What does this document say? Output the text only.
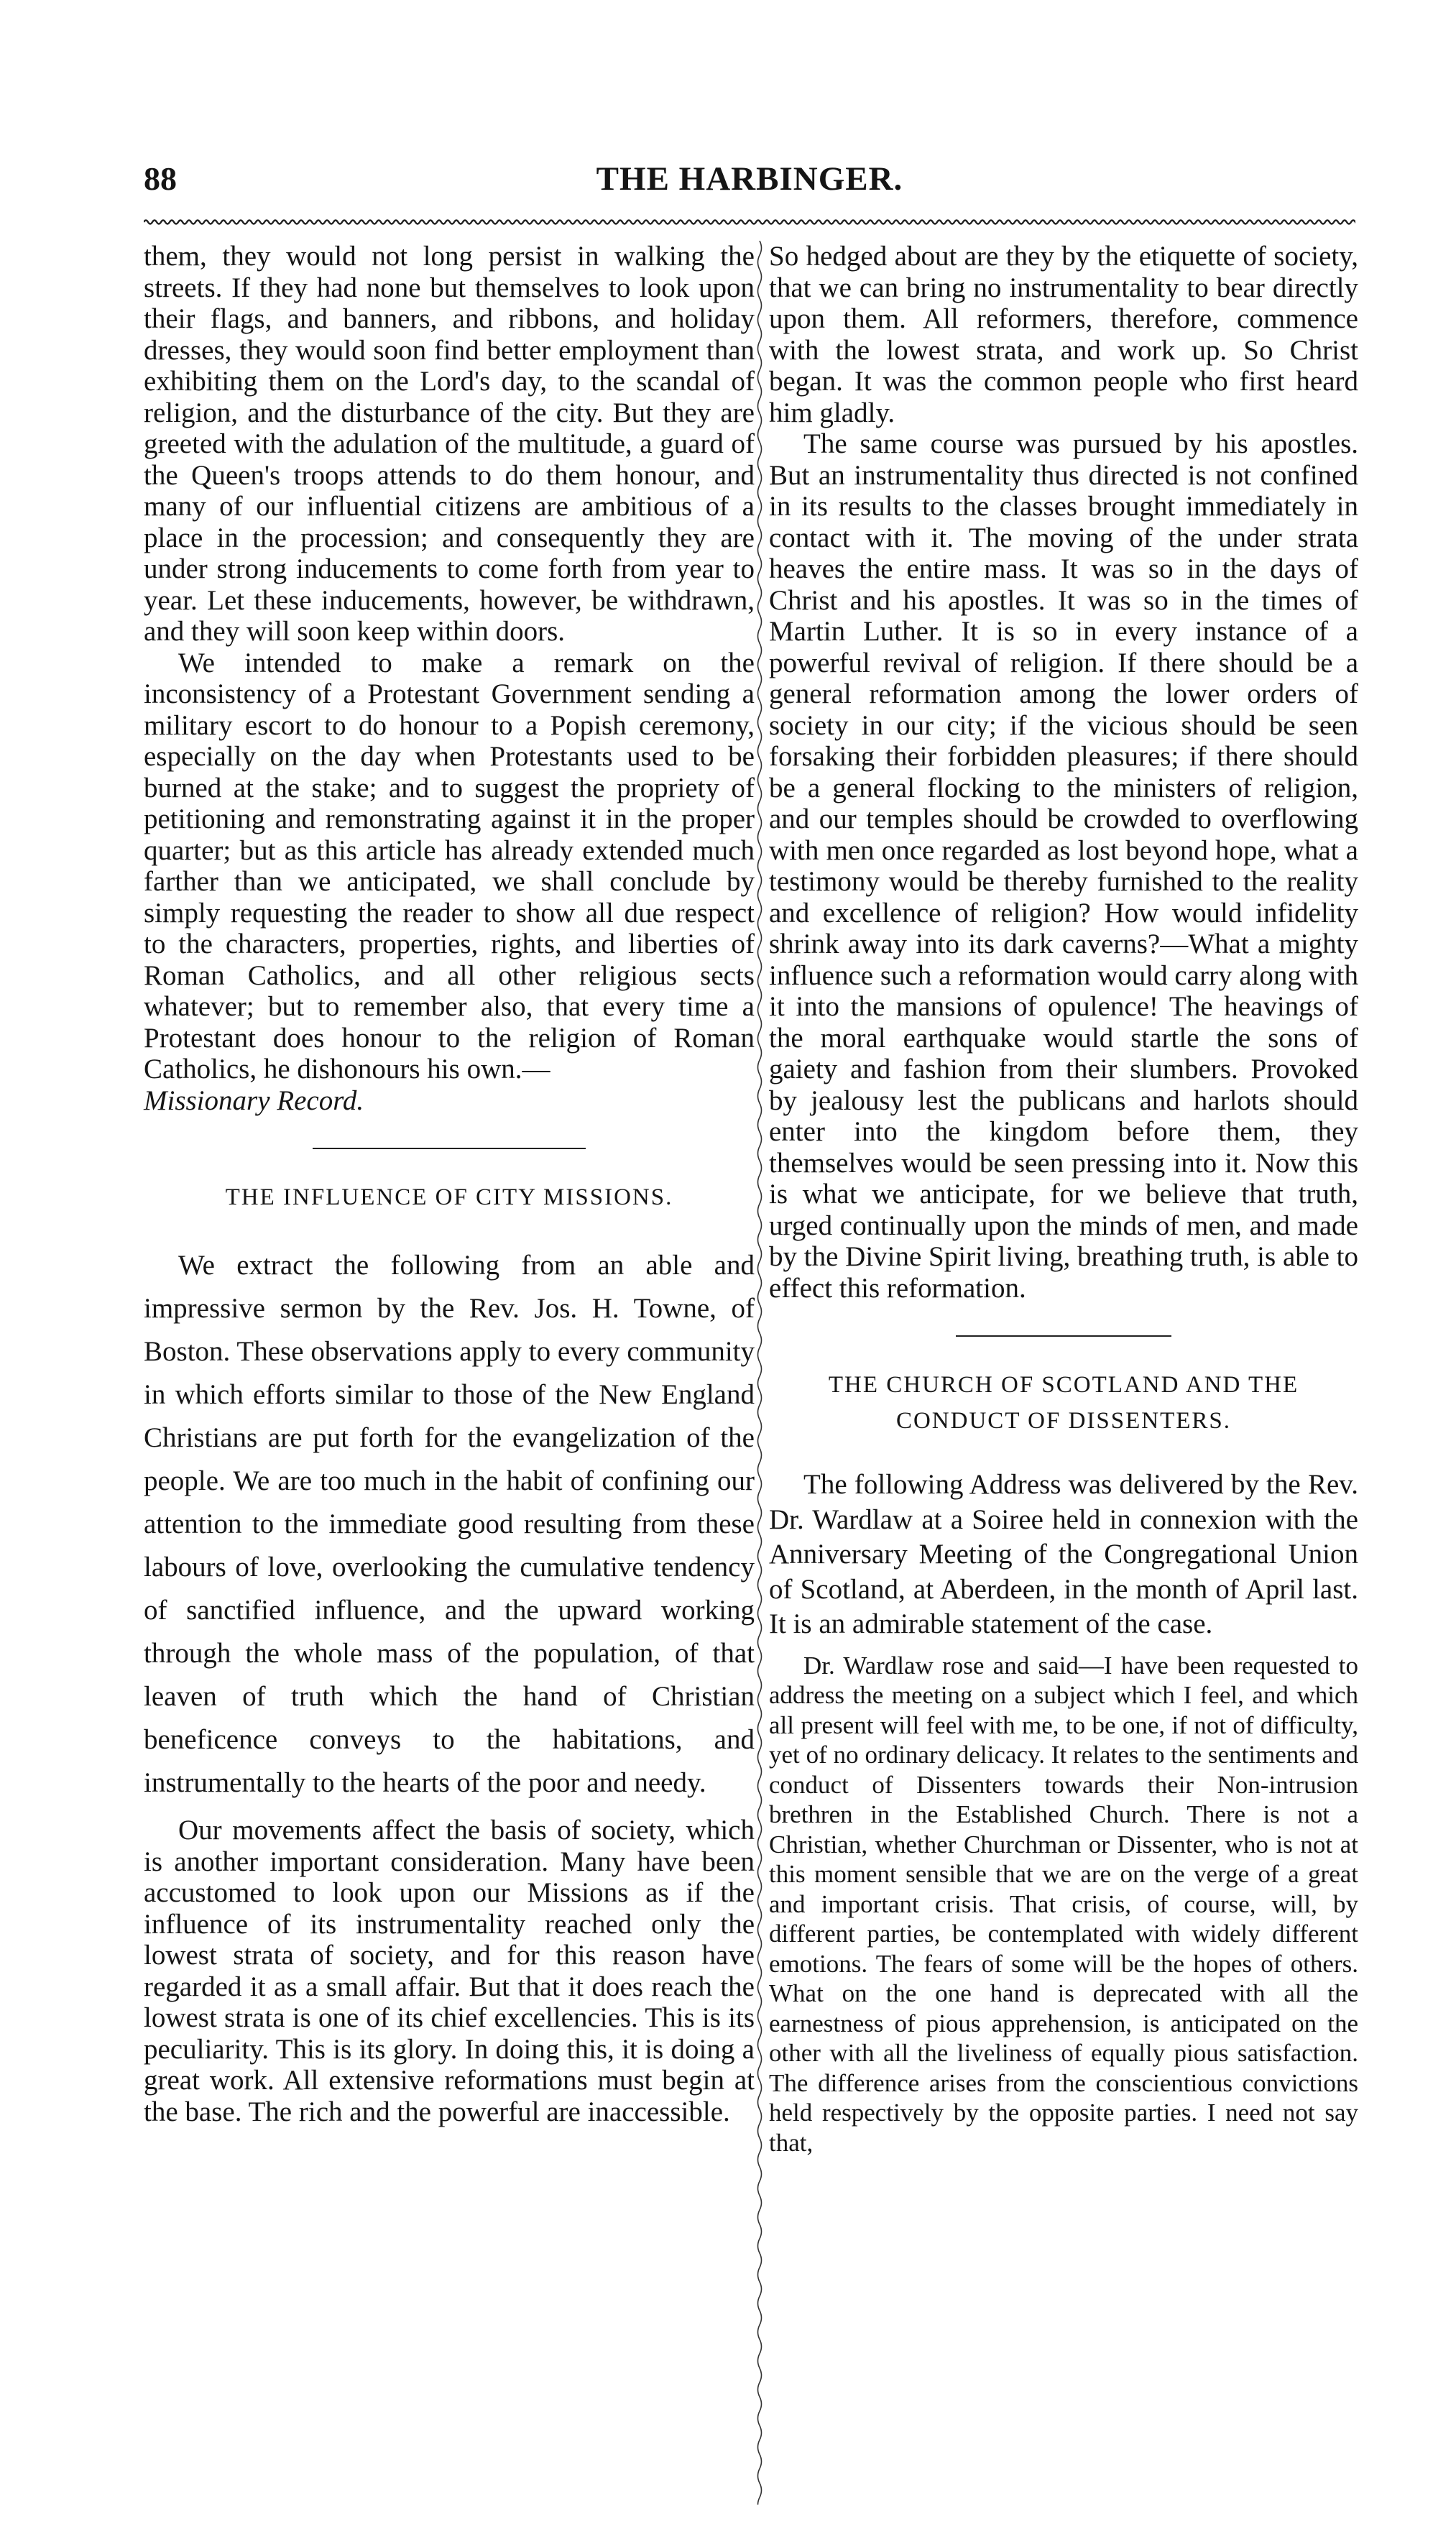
88	THE HARBINGER.

them, they would not long persist in walking the streets. If they had none but themselves to look upon their flags, and banners, and ribbons, and holiday dresses, they would soon find better employment than exhibiting them on the Lord's day, to the scandal of religion, and the disturbance of the city. But they are greeted with the adulation of the multitude, a guard of the Queen's troops attends to do them honour, and many of our influential citizens are ambitious of a place in the procession; and consequently they are under strong inducements to come forth from year to year. Let these inducements, however, be withdrawn, and they will soon keep within doors.

We intended to make a remark on the inconsistency of a Protestant Government sending a military escort to do honour to a Popish ceremony, especially on the day when Protestants used to be burned at the stake; and to suggest the propriety of petitioning and remonstrating against it in the proper quarter; but as this article has already extended much farther than we anticipated, we shall conclude by simply requesting the reader to show all due respect to the characters, properties, rights, and liberties of Roman Catholics, and all other religious sects whatever; but to remember also, that every time a Protestant does honour to the religion of Roman Catholics, he dishonours his own.—

Missionary Record.

THE INFLUENCE OF CITY MISSIONS.

We extract the following from an able and impressive sermon by the Rev. Jos. H. Towne, of Boston. These observations apply to every community in which efforts similar to those of the New England Christians are put forth for the evangelization of the people. We are too much in the habit of confining our attention to the immediate good resulting from these labours of love, overlooking the cumulative tendency of sanctified influence, and the upward working through the whole mass of the population, of that leaven of truth which the hand of Christian beneficence conveys to the habitations, and instrumentally to the hearts of the poor and needy.

Our movements affect the basis of society, which is another important consideration. Many have been accustomed to look upon our Missions as if the influence of its instrumentality reached only the lowest strata of society, and for this reason have regarded it as a small affair. But that it does reach the lowest strata is one of its chief excellencies. This is its peculiarity. This is its glory. In doing this, it is doing a great work. All extensive reformations must begin at the base. The rich and the powerful are inaccessible.

So hedged about are they by the etiquette of society, that we can bring no instrumentality to bear directly upon them. All reformers, therefore, commence with the lowest strata, and work up. So Christ began. It was the common people who first heard him gladly.

The same course was pursued by his apostles. But an instrumentality thus directed is not confined in its results to the classes brought immediately in contact with it. The moving of the under strata heaves the entire mass. It was so in the days of Christ and his apostles. It was so in the times of Martin Luther. It is so in every instance of a powerful revival of religion. If there should be a general reformation among the lower orders of society in our city; if the vicious should be seen forsaking their forbidden pleasures; if there should be a general flocking to the ministers of religion, and our temples should be crowded to overflowing with men once regarded as lost beyond hope, what a testimony would be thereby furnished to the reality and excellence of religion? How would infidelity shrink away into its dark caverns?—What a mighty influence such a reformation would carry along with it into the mansions of opulence! The heavings of the moral earthquake would startle the sons of gaiety and fashion from their slumbers. Provoked by jealousy lest the publicans and harlots should enter into the kingdom before them, they themselves would be seen pressing into it. Now this is what we anticipate, for we believe that truth, urged continually upon the minds of men, and made by the Divine Spirit living, breathing truth, is able to effect this reformation.

THE CHURCH OF SCOTLAND AND THE CONDUCT OF DISSENTERS.

The following Address was delivered by the Rev. Dr. Wardlaw at a Soiree held in connexion with the Anniversary Meeting of the Congregational Union of Scotland, at Aberdeen, in the month of April last. It is an admirable statement of the case.

Dr. Wardlaw rose and said—I have been requested to address the meeting on a subject which I feel, and which all present will feel with me, to be one, if not of difficulty, yet of no ordinary delicacy. It relates to the sentiments and conduct of Dissenters towards their Non-intrusion brethren in the Established Church. There is not a Christian, whether Churchman or Dissenter, who is not at this moment sensible that we are on the verge of a great and important crisis. That crisis, of course, will, by different parties, be contemplated with widely different emotions. The fears of some will be the hopes of others. What on the one hand is deprecated with all the earnestness of pious apprehension, is anticipated on the other with all the liveliness of equally pious satisfaction. The difference arises from the conscientious convictions held respectively by the opposite parties. I need not say that,
